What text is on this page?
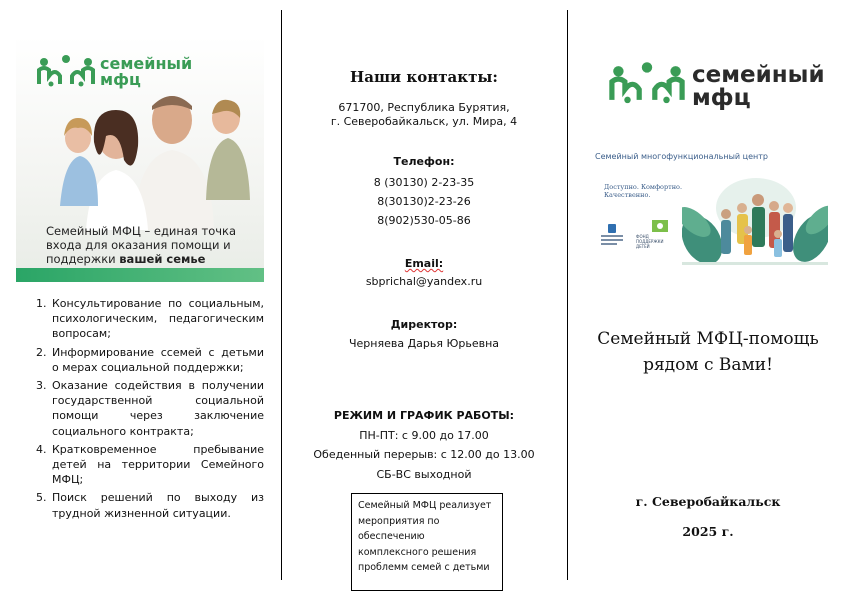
семейный
мфц
Семейный МФЦ – единая точка входа для оказания помощи и поддержки вашей семье
1. Консультирование по социальным, психологическим, педагогическим вопросам;
2. Информирование ссемей с детьми о мерах социальной поддержки;
3. Оказание содействия в получении государственной социальной помощи через заключение социального контракта;
4. Кратковременное пребывание детей на территории Семейного МФЦ;
5. Поиск решений по выходу из трудной жизненной ситуации.
Наши контакты:
671700, Республика Бурятия,
г. Северобайкальск, ул. Мира, 4
Телефон:
8 (30130) 2-23-35
8(30130)2-23-26
8(902)530-05-86
Email:
sbprichal@yandex.ru
Директор:
Черняева Дарья Юрьевна
РЕЖИМ И ГРАФИК РАБОТЫ:
ПН-ПТ: с 9.00 до 17.00
Обеденный перерыв: с 12.00 до 13.00
СБ-ВС выходной
Семейный МФЦ реализует мероприятия по обеспечению комплексного решения проблемм семей с детьми
семейный
мфц
Семейный многофункциональный центр
Доступно. Комфортно.
Качественно.
ФОНД ПОДДЕРЖКИ ДЕТЕЙ
Семейный МФЦ-помощь
рядом с Вами!
г. Северобайкальск
2025 г.
